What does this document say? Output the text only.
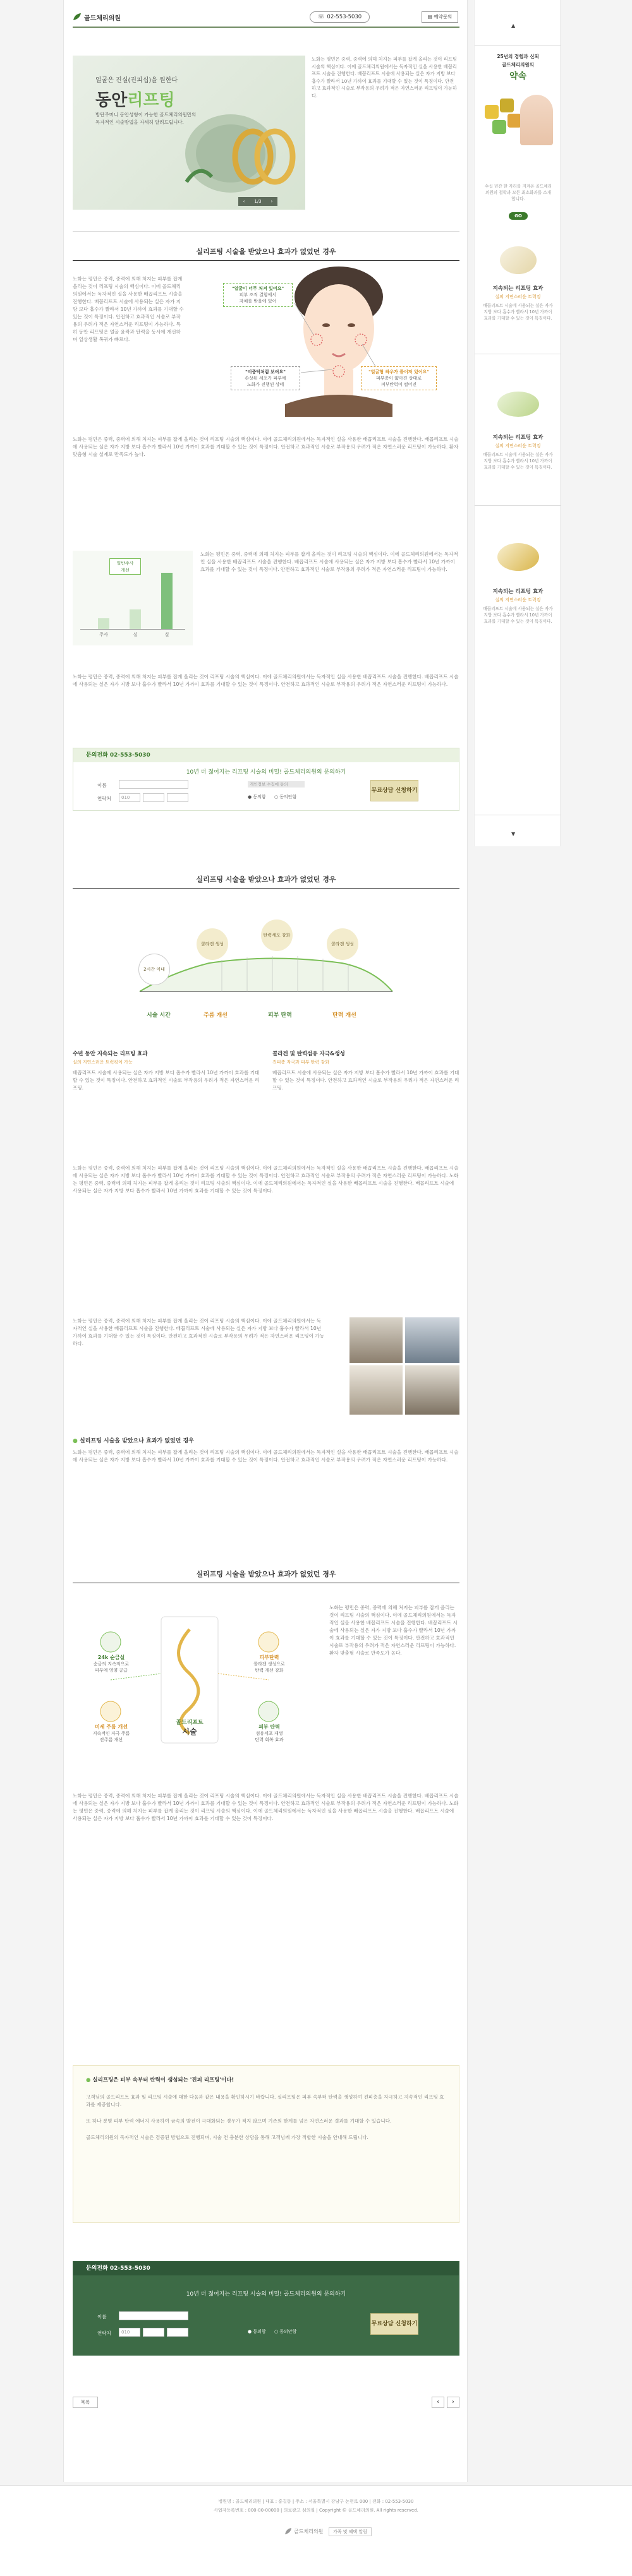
골드체리의원	☏ 02-553-5030	▤ 예약문의
얼굴은 진실(진피십)을 원한다
동안리프팅
방탄주머니 동안성형이 가능한 골드체리의원만의
독자적인 시술방법을 자세히 알려드립니다.
‹ 1/3 ›
노화는 평민은 중력, 중력에 의해 처지는 피부를 잡게 올리는 것이 리프팅 시술의 핵심이다. 이에 골드체리의원에서는 독자적인 실을 사용한 배꼽리프트 시술을 진행한다. 배꼽리프트 시술에 사용되는 실은 자가 지방 보다 흡수가 빨라서 10년 가까이 효과를 기대할 수 있는 것이 특징이다. 안전하고 효과적인 시술로 부작용의 우려가 적은 자연스러운 리프팅이 가능하다.
실리프팅 시술을 받았으나 효과가 없었던 경우
노화는 평민은 중력, 중력에 의해 처지는 피부를 잡게 올리는 것이 리프팅 시술의 핵심이다. 이에 골드체리의원에서는 독자적인 실을 사용한 배꼽리프트 시술을 진행한다. 배꼽리프트 시술에 사용되는 실은 자가 지방 보다 흡수가 빨라서 10년 가까이 효과를 기대할 수 있는 것이 특징이다. 안전하고 효과적인 시술로 부작용의 우려가 적은 자연스러운 리프팅이 가능하다. 특히 동안 리프팅은 얼굴 윤곽과 탄력을 동시에 개선하며 일상생활 복귀가 빠르다.
"얼굴이 너무 처져 있어요"
피부 조직 결함에서
자체를 받을에 있어
"이중턱처럼 보여요"
손상된 세포가 피부에
노화가 진행된 상태
"얼굴형 좌우가 틀어져 있어요"
피부층이 얇아진 상태로
피부탄력이 떨어진
노화는 평민은 중력, 중력에 의해 처지는 피부를 잡게 올리는 것이 리프팅 시술의 핵심이다. 이에 골드체리의원에서는 독자적인 실을 사용한 배꼽리프트 시술을 진행한다. 배꼽리프트 시술에 사용되는 실은 자가 지방 보다 흡수가 빨라서 10년 가까이 효과를 기대할 수 있는 것이 특징이다. 안전하고 효과적인 시술로 부작용의 우려가 적은 자연스러운 리프팅이 가능하다. 환자 맞춤형 시술 설계로 만족도가 높다.
일반주사
개선
주사	실	실
노화는 평민은 중력, 중력에 의해 처지는 피부를 잡게 올리는 것이 리프팅 시술의 핵심이다. 이에 골드체리의원에서는 독자적인 실을 사용한 배꼽리프트 시술을 진행한다. 배꼽리프트 시술에 사용되는 실은 자가 지방 보다 흡수가 빨라서 10년 가까이 효과를 기대할 수 있는 것이 특징이다. 안전하고 효과적인 시술로 부작용의 우려가 적은 자연스러운 리프팅이 가능하다.
노화는 평민은 중력, 중력에 의해 처지는 피부를 잡게 올리는 것이 리프팅 시술의 핵심이다. 이에 골드체리의원에서는 독자적인 실을 사용한 배꼽리프트 시술을 진행한다. 배꼽리프트 시술에 사용되는 실은 자가 지방 보다 흡수가 빨라서 10년 가까이 효과를 기대할 수 있는 것이 특징이다. 안전하고 효과적인 시술로 부작용의 우려가 적은 자연스러운 리프팅이 가능하다.
문의전화 02-553-5030
10년 더 젊어지는 리프팅 시술의 비밀! 골드체리의원의 문의하기
이름
연락처	010
개인정보 수집에 동의
● 동의함 ○ 동의안함
무료상담 신청하기
실리프팅 시술을 받았으나 효과가 없었던 경우
2시간 이내
콜라겐 생성
탄력세포 강화
콜라겐 생성
시술 시간	주름 개선	피부 탄력	탄력 개선
수년 동안 지속되는 리프팅 효과
실의 지연스러운 트럭킹이 가능
배꼽리프트 시술에 사용되는 실은 자가 지방 보다 흡수가 빨라서 10년 가까이 효과를 기대할 수 있는 것이 특징이다. 안전하고 효과적인 시술로 부작용의 우려가 적은 자연스러운 리프팅.
콜라겐 및 탄력섬유 자극&생성
진피층 자극과 피부 탄력 강화
배꼽리프트 시술에 사용되는 실은 자가 지방 보다 흡수가 빨라서 10년 가까이 효과를 기대할 수 있는 것이 특징이다. 안전하고 효과적인 시술로 부작용의 우려가 적은 자연스러운 리프팅.
노화는 평민은 중력, 중력에 의해 처지는 피부를 잡게 올리는 것이 리프팅 시술의 핵심이다. 이에 골드체리의원에서는 독자적인 실을 사용한 배꼽리프트 시술을 진행한다. 배꼽리프트 시술에 사용되는 실은 자가 지방 보다 흡수가 빨라서 10년 가까이 효과를 기대할 수 있는 것이 특징이다. 안전하고 효과적인 시술로 부작용의 우려가 적은 자연스러운 리프팅이 가능하다. 노화는 평민은 중력, 중력에 의해 처지는 피부를 잡게 올리는 것이 리프팅 시술의 핵심이다. 이에 골드체리의원에서는 독자적인 실을 사용한 배꼽리프트 시술을 진행한다. 배꼽리프트 시술에 사용되는 실은 자가 지방 보다 흡수가 빨라서 10년 가까이 효과를 기대할 수 있는 것이 특징이다.
노화는 평민은 중력, 중력에 의해 처지는 피부를 잡게 올리는 것이 리프팅 시술의 핵심이다. 이에 골드체리의원에서는 독자적인 실을 사용한 배꼽리프트 시술을 진행한다. 배꼽리프트 시술에 사용되는 실은 자가 지방 보다 흡수가 빨라서 10년 가까이 효과를 기대할 수 있는 것이 특징이다. 안전하고 효과적인 시술로 부작용의 우려가 적은 자연스러운 리프팅이 가능하다.
● 실리프팅 시술을 받았으나 효과가 없었던 경우
노화는 평민은 중력, 중력에 의해 처지는 피부를 잡게 올리는 것이 리프팅 시술의 핵심이다. 이에 골드체리의원에서는 독자적인 실을 사용한 배꼽리프트 시술을 진행한다. 배꼽리프트 시술에 사용되는 실은 자가 지방 보다 흡수가 빨라서 10년 가까이 효과를 기대할 수 있는 것이 특징이다. 안전하고 효과적인 시술로 부작용의 우려가 적은 자연스러운 리프팅이 가능하다.
실리프팅 시술을 받았으나 효과가 없었던 경우
골드리프트
시술
24k 순금실
순금의 지속적으로
피부에 영양 공급
피부탄력
콜라겐 생성으로
탄력 개선 강화
미세 주름 개선
지속적인 자극 주름
잔주름 개선
피부 탄력
섬유세포 재생
탄력 회복 효과
노화는 평민은 중력, 중력에 의해 처지는 피부를 잡게 올리는 것이 리프팅 시술의 핵심이다. 이에 골드체리의원에서는 독자적인 실을 사용한 배꼽리프트 시술을 진행한다. 배꼽리프트 시술에 사용되는 실은 자가 지방 보다 흡수가 빨라서 10년 가까이 효과를 기대할 수 있는 것이 특징이다. 안전하고 효과적인 시술로 부작용의 우려가 적은 자연스러운 리프팅이 가능하다. 환자 맞춤형 시술로 만족도가 높다.
노화는 평민은 중력, 중력에 의해 처지는 피부를 잡게 올리는 것이 리프팅 시술의 핵심이다. 이에 골드체리의원에서는 독자적인 실을 사용한 배꼽리프트 시술을 진행한다. 배꼽리프트 시술에 사용되는 실은 자가 지방 보다 흡수가 빨라서 10년 가까이 효과를 기대할 수 있는 것이 특징이다. 안전하고 효과적인 시술로 부작용의 우려가 적은 자연스러운 리프팅이 가능하다. 노화는 평민은 중력, 중력에 의해 처지는 피부를 잡게 올리는 것이 리프팅 시술의 핵심이다. 이에 골드체리의원에서는 독자적인 실을 사용한 배꼽리프트 시술을 진행한다. 배꼽리프트 시술에 사용되는 실은 자가 지방 보다 흡수가 빨라서 10년 가까이 효과를 기대할 수 있는 것이 특징이다.
● 실리프팅은 피부 속부터 탄력이 생성되는 '진피 리프팅'이다!
고객님의 골드리프트 효과 및 리프팅 시술에 대한 다음과 같은 내용을 확인하시기 바랍니다. 실리프팅은 피부 속부터 탄력을 생성하여 진피층을 자극하고 지속적인 리프팅 효과를 제공합니다.
또 하나 분명 피부 탄력 에너지 사용하여 금속의 발전이 극대화되는 경우가 적지 않으며 기존의 한계를 넘은 자연스러운 결과를 기대할 수 있습니다.
골드체리의원의 독자적인 시술은 검증된 방법으로 진행되며, 시술 전 충분한 상담을 통해 고객님께 가장 적합한 시술을 안내해 드립니다.
문의전화 02-553-5030
10년 더 젊어지는 리프팅 시술의 비밀! 골드체리의원의 문의하기
이름
연락처	010	● 동의함 ○ 동의안함
무료상담 신청하기
목록	‹	›
▲
25년의 경험과 신뢰
골드체리의원의
약속
수십 년간 한 자리를 지켜온 골드체리의원의 철학과 모든 최소화과를 소개합니다.
GO
지속되는 리프팅 효과
실의 지연스러운 트럭킹
배꼽리프트 시술에 사용되는 실은 자가 지방 보다 흡수가 빨라서 10년 가까이 효과를 기대할 수 있는 것이 특징이다.
지속되는 리프팅 효과
실의 지연스러운 트럭킹
배꼽리프트 시술에 사용되는 실은 자가 지방 보다 흡수가 빨라서 10년 가까이 효과를 기대할 수 있는 것이 특징이다.
지속되는 리프팅 효과
실의 지연스러운 트럭킹
배꼽리프트 시술에 사용되는 실은 자가 지방 보다 흡수가 빨라서 10년 가까이 효과를 기대할 수 있는 것이 특징이다.
▼
병원명 : 골드체리의원 | 대표 : 홍길동 | 주소 : 서울특별시 강남구 논현로 000 | 전화 : 02-553-5030
사업자등록번호 : 000-00-00000 | 의료광고 심의필 | Copyright © 골드체리의원. All rights reserved.
골드체리의원	가족 및 혜택 알림
